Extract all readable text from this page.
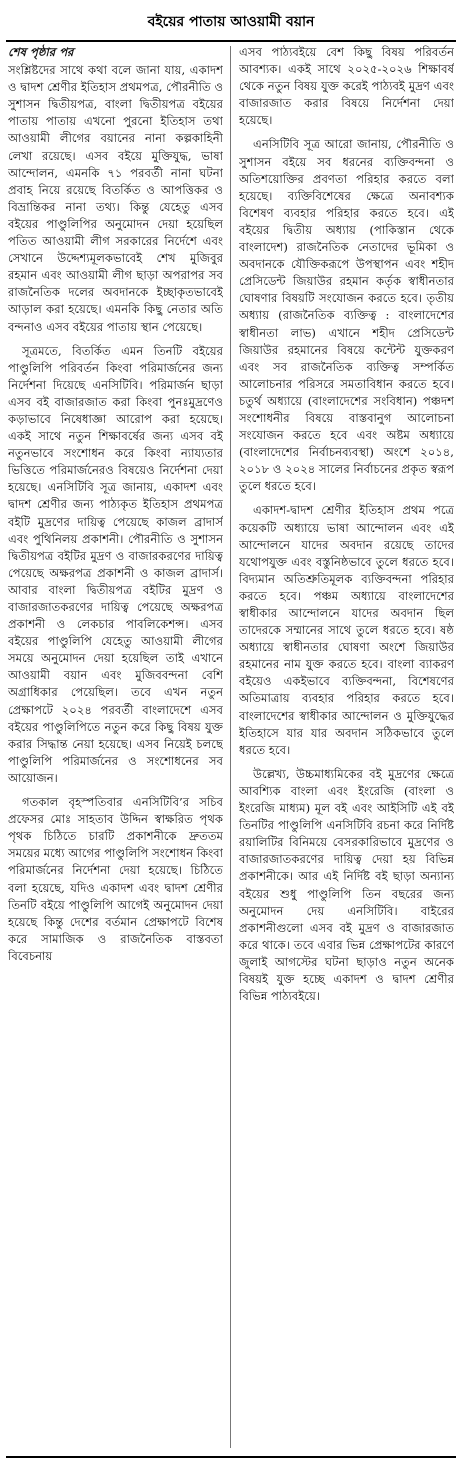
বইয়ের পাতায় আওয়ামী বয়ান
শেষ পৃষ্ঠার পর

সংশ্লিষ্টদের সাথে কথা বলে জানা যায়, একাদশ ও দ্বাদশ শ্রেণীর ইতিহাস প্রথমপত্র, পৌরনীতি ও সুশাসন দ্বিতীয়পত্র, বাংলা দ্বিতীয়পত্র বইয়ের পাতায় পাতায় এখনো পুরনো ইতিহাস তথা আওয়ামী লীগের বয়ানের নানা কল্পকাহিনী লেখা রয়েছে। এসব বইয়ে মুক্তিযুদ্ধ, ভাষা আন্দোলন, এমনকি ৭১ পরবর্তী নানা ঘটনা প্রবাহ নিয়ে রয়েছে বিতর্কিত ও আপত্তিকর ও বিভ্রান্তিকর নানা তথ্য। কিন্তু যেহেতু এসব বইয়ের পাণ্ডুলিপির অনুমোদন দেয়া হয়েছিল পতিত আওয়ামী লীগ সরকারের নির্দেশে এবং সেখানে উদ্দেশ্যমূলকভাবেই শেখ মুজিবুর রহমান এবং আওয়ামী লীগ ছাড়া অপরাপর সব রাজনৈতিক দলের অবদানকে ইচ্ছাকৃতভাবেই আড়াল করা হয়েছে। এমনকি কিছু নেতার অতি বন্দনাও এসব বইয়ের পাতায় স্থান পেয়েছে।

সূত্রমতে, বিতর্কিত এমন তিনটি বইয়ের পাণ্ডুলিপি পরিবর্তন কিংবা পরিমার্জনের জন্য নির্দেশনা দিয়েছে এনসিটিবি। পরিমার্জন ছাড়া এসব বই বাজারজাত করা কিংবা পুনঃমুদ্রণেও কড়াভাবে নিষেধাজ্ঞা আরোপ করা হয়েছে। একই সাথে নতুন শিক্ষাবর্ষের জন্য এসব বই নতুনভাবে সংশোধন করে কিংবা ন্যায্যতার ভিত্তিতে পরিমার্জনেরও বিষয়েও নির্দেশনা দেয়া হয়েছে। এনসিটিবি সূত্র জানায়, একাদশ এবং দ্বাদশ শ্রেণীর জন্য পাঠ্যকৃত ইতিহাস প্রথমপত্র বইটি মুদ্রণের দায়িত্ব পেয়েছে কাজল ব্রাদার্স এবং পুথিনিলয় প্রকাশনী। পৌরনীতি ও সুশাসন দ্বিতীয়পত্র বইটির মুদ্রণ ও বাজারকরণের দায়িত্ব পেয়েছে অক্ষরপত্র প্রকাশনী ও কাজল ব্রাদার্স। আবার বাংলা দ্বিতীয়পত্র বইটির মুদ্রণ ও বাজারজাতকরণের দায়িত্ব পেয়েছে অক্ষরপত্র প্রকাশনী ও লেকচার পাবলিকেশন্স। এসব বইয়ের পাণ্ডুলিপি যেহেতু আওয়ামী লীগের সময়ে অনুমোদন দেয়া হয়েছিল তাই এখানে আওয়ামী বয়ান এবং মুজিববন্দনা বেশি অগ্রাধিকার পেয়েছিল। তবে এখন নতুন প্রেক্ষাপটে ২০২৪ পরবর্তী বাংলাদেশে এসব বইয়ের পাণ্ডুলিপিতে নতুন করে কিছু বিষয় যুক্ত করার সিদ্ধান্ত নেয়া হয়েছে। এসব নিয়েই চলছে পাণ্ডুলিপি পরিমার্জনের ও সংশোধনের সব আয়োজন।

গতকাল বৃহস্পতিবার এনসিটিবি’র সচিব প্রফেসর মোঃ সাহতাব উদ্দিন স্বাক্ষরিত পৃথক পৃথক চিঠিতে চারটি প্রকাশনীকে দ্রুততম সময়ের মধ্যে আগের পাণ্ডুলিপি সংশোধন কিংবা পরিমার্জনের নির্দেশনা দেয়া হয়েছে। চিঠিতে বলা হয়েছে, যদিও একাদশ এবং দ্বাদশ শ্রেণীর তিনটি বইয়ে পাণ্ডুলিপি আগেই অনুমোদন দেয়া হয়েছে কিন্তু দেশের বর্তমান প্রেক্ষাপটে বিশেষ করে সামাজিক ও রাজনৈতিক বাস্তবতা বিবেচনায়

এসব পাঠ্যবইয়ে বেশ কিছু বিষয় পরিবর্তন আবশ্যক। একই সাথে ২০২৫-২০২৬ শিক্ষাবর্ষ থেকে নতুন বিষয় যুক্ত করেই পাঠ্যবই মুদ্রণ এবং বাজারজাত করার বিষয়ে নির্দেশনা দেয়া হয়েছে।

এনসিটিবি সূত্র আরো জানায়, পৌরনীতি ও সুশাসন বইয়ে সব ধরনের ব্যক্তিবন্দনা ও অতিশয়োক্তির প্রবণতা পরিহার করতে বলা হয়েছে। ব্যক্তিবিশেষের ক্ষেত্রে অনাবশ্যক বিশেষণ ব্যবহার পরিহার করতে হবে। এই বইয়ের দ্বিতীয় অধ্যায় (পাকিস্তান থেকে বাংলাদেশ) রাজনৈতিক নেতাদের ভূমিকা ও অবদানকে যৌক্তিকরূপে উপস্থাপন এবং শহীদ প্রেসিডেন্ট জিয়াউর রহমান কর্তৃক স্বাধীনতার ঘোষণার বিষয়টি সংযোজন করতে হবে। তৃতীয় অধ্যায় (রাজনৈতিক ব্যক্তিত্ব : বাংলাদেশের স্বাধীনতা লাভ) এখানে শহীদ প্রেসিডেন্ট জিয়াউর রহমানের বিষয়ে কন্টেন্ট যুক্তকরণ এবং সব রাজনৈতিক ব্যক্তিত্ব সম্পর্কিত আলোচনার পরিসরে সমতাবিধান করতে হবে। চতুর্থ অধ্যায়ে (বাংলাদেশের সংবিধান) পঞ্চদশ সংশোধনীর বিষয়ে বাস্তবানুগ আলোচনা সংযোজন করতে হবে এবং অষ্টম অধ্যায়ে (বাংলাদেশের নির্বাচনব্যবস্থা) অংশে ২০১৪, ২০১৮ ও ২০২৪ সালের নির্বাচনের প্রকৃত স্বরূপ তুলে ধরতে হবে।

একাদশ-দ্বাদশ শ্রেণীর ইতিহাস প্রথম পত্রে কয়েকটি অধ্যায়ে ভাষা আন্দোলন এবং এই আন্দোলনে যাদের অবদান রয়েছে তাদের যথোপযুক্ত এবং বস্তুনিষ্ঠভাবে তুলে ধরতে হবে। বিদ্যমান অতিশ্রুতিমূলক ব্যক্তিবন্দনা পরিহার করতে হবে। পঞ্চম অধ্যায়ে বাংলাদেশের স্বাধীকার আন্দোলনে যাদের অবদান ছিল তাদেরকে সম্মানের সাথে তুলে ধরতে হবে। ষষ্ঠ অধ্যায়ে স্বাধীনতার ঘোষণা অংশে জিয়াউর রহমানের নাম যুক্ত করতে হবে। বাংলা ব্যাকরণ বইয়েও একইভাবে ব্যক্তিবন্দনা, বিশেষণের অতিমাত্রায় ব্যবহার পরিহার করতে হবে। বাংলাদেশের স্বাধীকার আন্দোলন ও মুক্তিযুদ্ধের ইতিহাসে যার যার অবদান সঠিকভাবে তুলে ধরতে হবে।

উল্লেখ্য, উচ্চমাধ্যমিকের বই মুদ্রণের ক্ষেত্রে আবশ্যিক বাংলা এবং ইংরেজি (বাংলা ও ইংরেজি মাধ্যম) মূল বই এবং আইসিটি এই বই তিনটির পাণ্ডুলিপি এনসিটিবি রচনা করে নির্দিষ্ট রয়ালিটির বিনিময়ে বেসরকারিভাবে মুদ্রণের ও বাজারজাতকরণের দায়িত্ব দেয়া হয় বিভিন্ন প্রকাশনীকে। আর এই নির্দিষ্ট বই ছাড়া অন্যান্য বইয়ের শুধু পাণ্ডুলিপি তিন বছরের জন্য অনুমোদন দেয় এনসিটিবি। বাইরের প্রকাশনীগুলো এসব বই মুদ্রণ ও বাজারজাত করে থাকে। তবে এবার ভিন্ন প্রেক্ষাপটের কারণে জুলাই আগস্টের ঘটনা ছাড়াও নতুন অনেক বিষয়ই যুক্ত হচ্ছে একাদশ ও দ্বাদশ শ্রেণীর বিভিন্ন পাঠ্যবইয়ে।
